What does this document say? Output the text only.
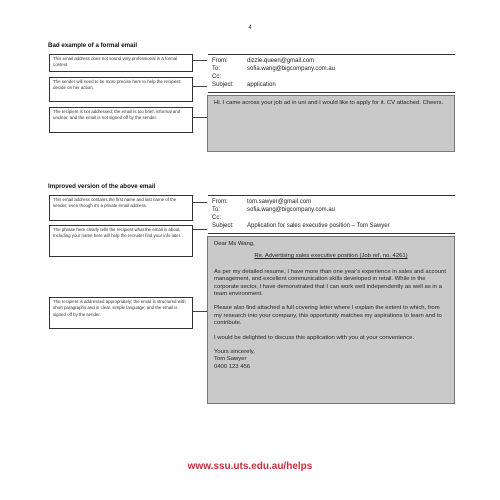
4
Bad example of a formal email
This email address does not sound very professional in a formal context.
The sender will need to be more precise here to help the recipient decide on her action.
The recipient is not addressed; the email is too brief, informal and unclear; and the email is not signed off by the sender.
From:	dizzie.queen@gmail.com
To:	sofia.wang@bigcompany.com.au
Cc:
Subject:	application

Hi. I came across your job ad in uni and I would like to apply for it. CV attached. Cheers.

Improved version of the above email
This email address contains the first name and last name of the sender, even though it's a private email address.
The phrase here clearly tells the recipient what the email is about. Including your name here will help the recruiter find your info later.
The recipient is addressed appropriately; the email is structured with short paragraphs and in clear, simple language; and the email is signed off by the sender.
From:	tom.sawyer@gmail.com
To:	sofia.wang@bigcompany.com.au
Cc:
Subject:	Application for sales executive position – Tom Sawyer

Dear Ms Wang,

Re. Advertising sales executive position (Job ref. no. 4261)

As per my detailed resume, I have more than one year's experience in sales and account management, and excellent communication skills developed in retail. While in the corporate sector, I have demonstrated that I can work well independently as well as in a team environment.

Please also find attached a full covering letter where I explain the extent to which, from my research into your company, this opportunity matches my aspirations to learn and to contribute.

I would be delighted to discuss this application with you at your convenience.

Yours sincerely,

Tom Sawyer

0400 123 456

www.ssu.uts.edu.au/helps
